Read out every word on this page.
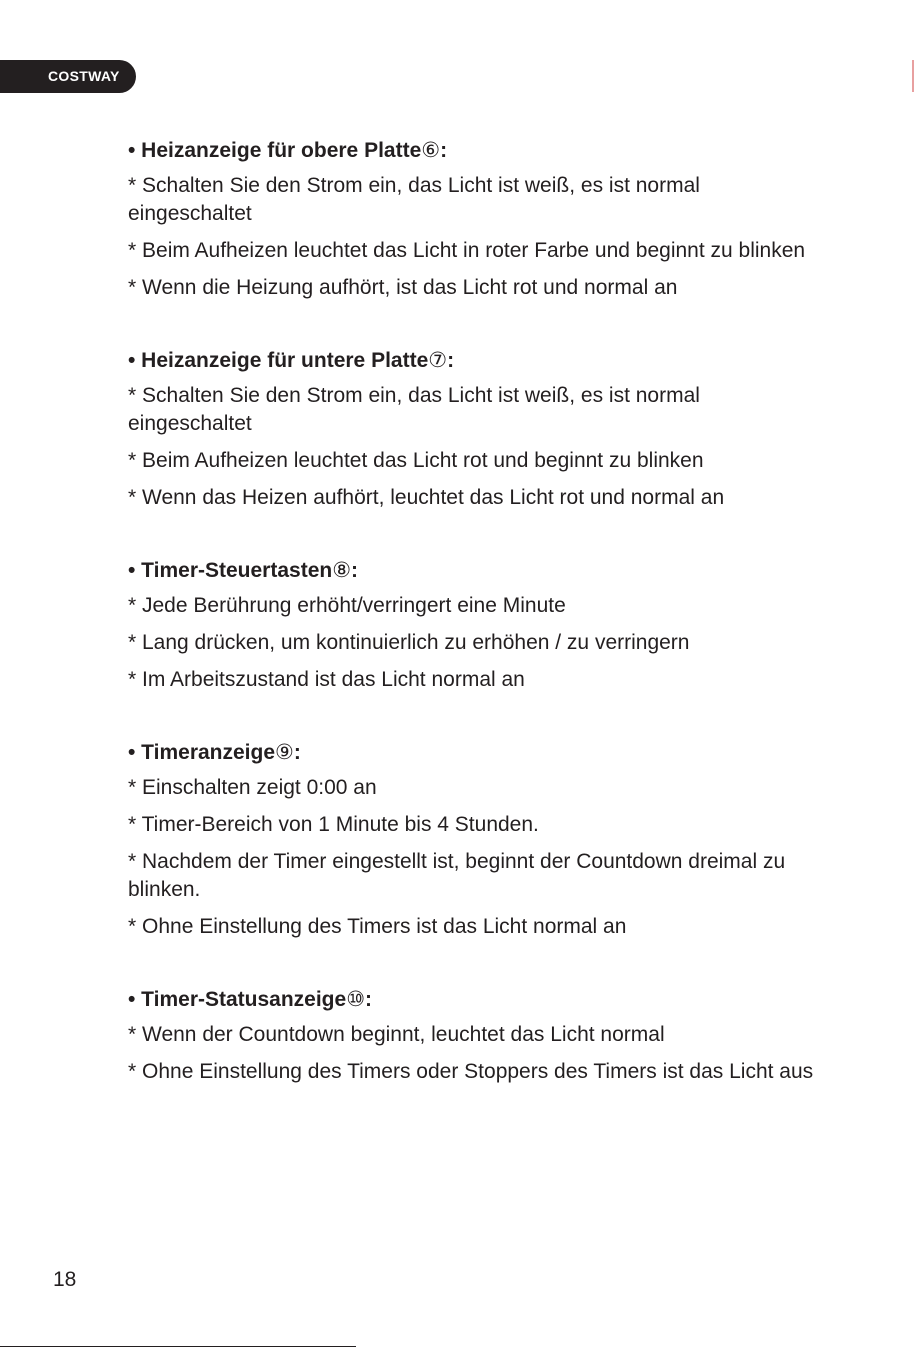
COSTWAY
• Heizanzeige für obere Platte⑥:

* Schalten Sie den Strom ein, das Licht ist weiß, es ist normal eingeschaltet

* Beim Aufheizen leuchtet das Licht in roter Farbe und beginnt zu blinken

* Wenn die Heizung aufhört, ist das Licht rot und normal an

• Heizanzeige für untere Platte⑦:

* Schalten Sie den Strom ein, das Licht ist weiß, es ist normal eingeschaltet

* Beim Aufheizen leuchtet das Licht rot und beginnt zu blinken

* Wenn das Heizen aufhört, leuchtet das Licht rot und normal an

• Timer-Steuertasten⑧:

* Jede Berührung erhöht/verringert eine Minute

* Lang drücken, um kontinuierlich zu erhöhen / zu verringern

* Im Arbeitszustand ist das Licht normal an

• Timeranzeige⑨:

* Einschalten zeigt 0:00 an

* Timer-Bereich von 1 Minute bis 4 Stunden.

* Nachdem der Timer eingestellt ist, beginnt der Countdown dreimal zu blinken.

* Ohne Einstellung des Timers ist das Licht normal an

• Timer-Statusanzeige⑩:

* Wenn der Countdown beginnt, leuchtet das Licht normal

* Ohne Einstellung des Timers oder Stoppers des Timers ist das Licht aus

18
